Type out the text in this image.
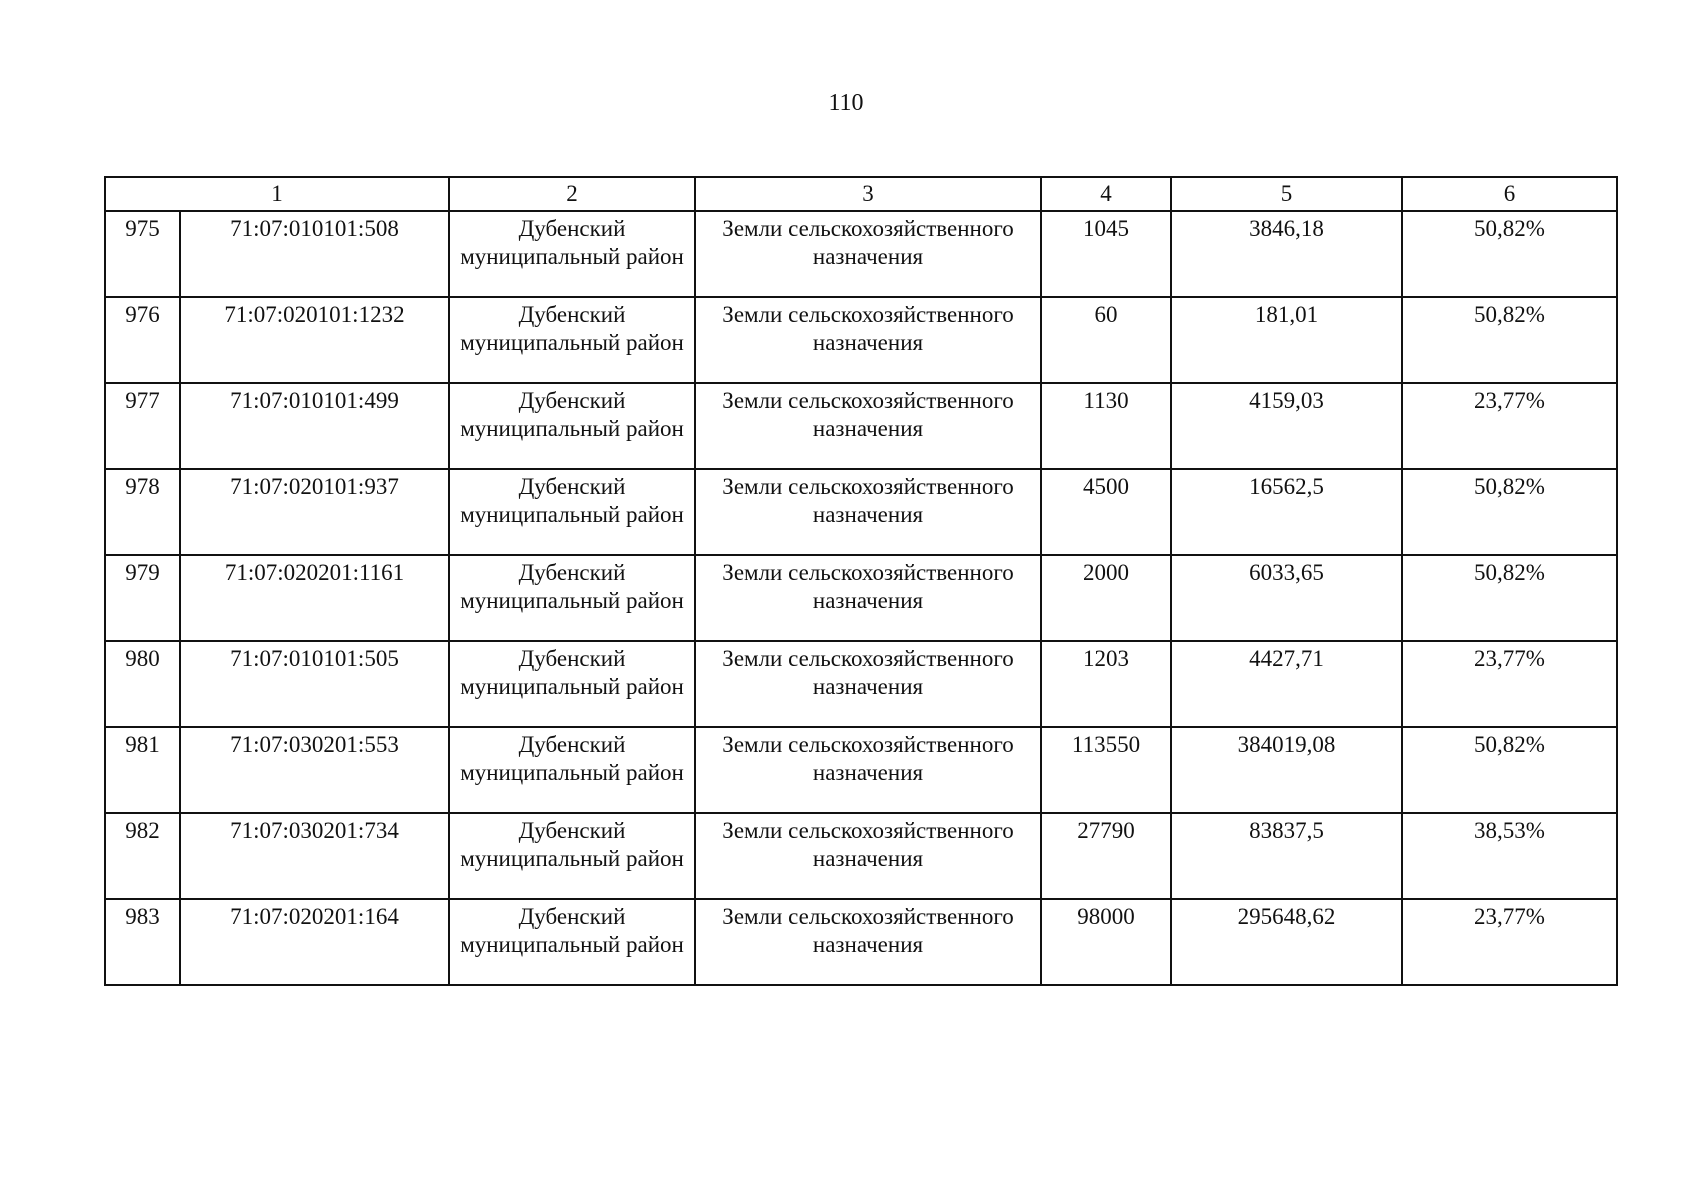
110
1		2	3	4	5	6
975	71:07:010101:508	Дубенский муниципальный район	Земли сельскохозяйственного назначения	1045	3846,18	50,82%
976	71:07:020101:1232	Дубенский муниципальный район	Земли сельскохозяйственного назначения	60	181,01	50,82%
977	71:07:010101:499	Дубенский муниципальный район	Земли сельскохозяйственного назначения	1130	4159,03	23,77%
978	71:07:020101:937	Дубенский муниципальный район	Земли сельскохозяйственного назначения	4500	16562,5	50,82%
979	71:07:020201:1161	Дубенский муниципальный район	Земли сельскохозяйственного назначения	2000	6033,65	50,82%
980	71:07:010101:505	Дубенский муниципальный район	Земли сельскохозяйственного назначения	1203	4427,71	23,77%
981	71:07:030201:553	Дубенский муниципальный район	Земли сельскохозяйственного назначения	113550	384019,08	50,82%
982	71:07:030201:734	Дубенский муниципальный район	Земли сельскохозяйственного назначения	27790	83837,5	38,53%
983	71:07:020201:164	Дубенский муниципальный район	Земли сельскохозяйственного назначения	98000	295648,62	23,77%
